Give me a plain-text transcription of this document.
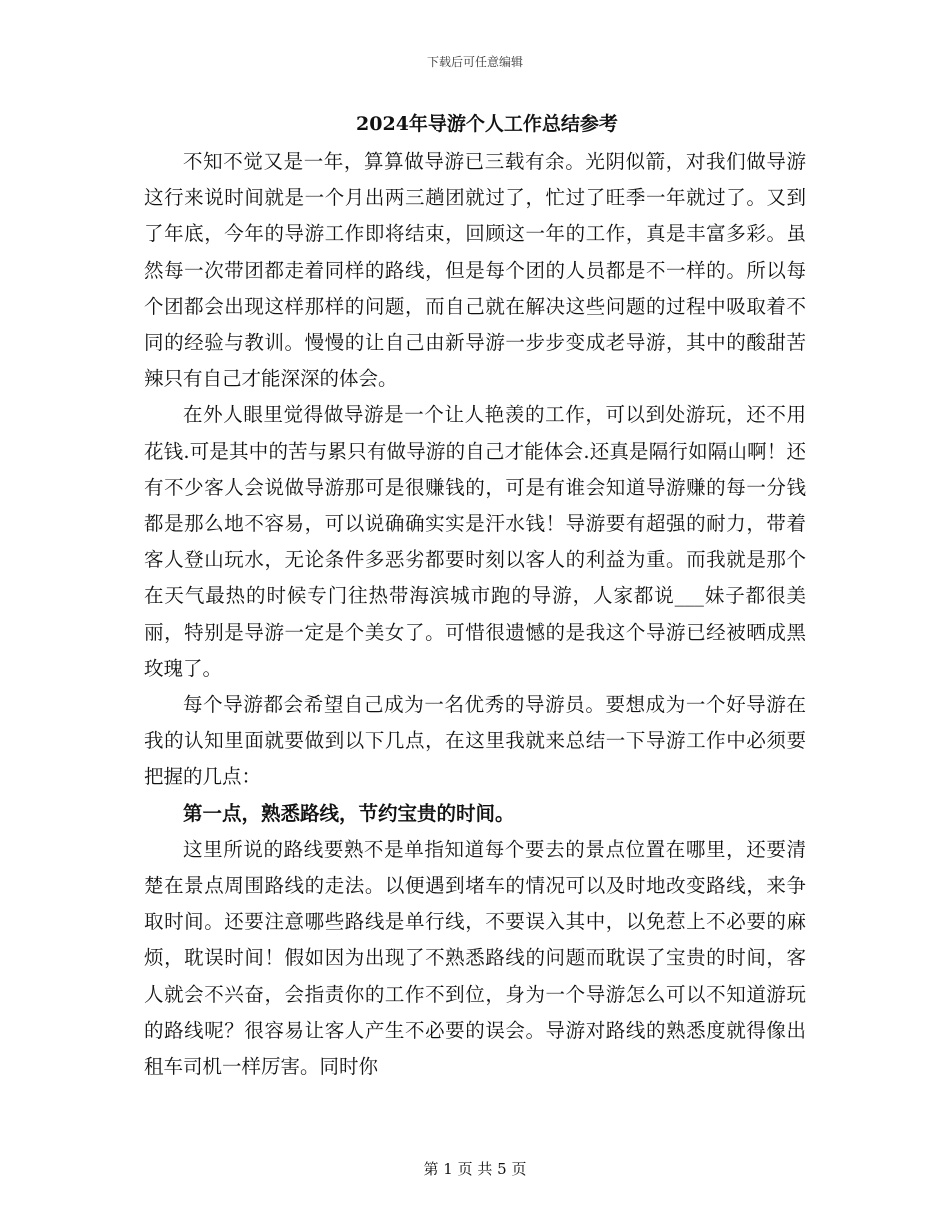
下载后可任意编辑
2024年导游个人工作总结参考

不知不觉又是一年，算算做导游已三载有余。光阴似箭，对我们做导游这行来说时间就是一个月出两三趟团就过了，忙过了旺季一年就过了。又到了年底，今年的导游工作即将结束，回顾这一年的工作，真是丰富多彩。虽然每一次带团都走着同样的路线，但是每个团的人员都是不一样的。所以每个团都会出现这样那样的问题，而自己就在解决这些问题的过程中吸取着不同的经验与教训。慢慢的让自己由新导游一步步变成老导游，其中的酸甜苦辣只有自己才能深深的体会。

在外人眼里觉得做导游是一个让人艳羡的工作，可以到处游玩，还不用花钱.可是其中的苦与累只有做导游的自己才能体会.还真是隔行如隔山啊！还有不少客人会说做导游那可是很赚钱的，可是有谁会知道导游赚的每一分钱都是那么地不容易，可以说确确实实是汗水钱！导游要有超强的耐力，带着客人登山玩水，无论条件多恶劣都要时刻以客人的利益为重。而我就是那个在天气最热的时候专门往热带海滨城市跑的导游，人家都说___妹子都很美丽，特别是导游一定是个美女了。可惜很遗憾的是我这个导游已经被晒成黑玫瑰了。

每个导游都会希望自己成为一名优秀的导游员。要想成为一个好导游在我的认知里面就要做到以下几点，在这里我就来总结一下导游工作中必须要把握的几点：

第一点，熟悉路线，节约宝贵的时间。

这里所说的路线要熟不是单指知道每个要去的景点位置在哪里，还要清楚在景点周围路线的走法。以便遇到堵车的情况可以及时地改变路线，来争取时间。还要注意哪些路线是单行线，不要误入其中，以免惹上不必要的麻烦，耽误时间！假如因为出现了不熟悉路线的问题而耽误了宝贵的时间，客人就会不兴奋，会指责你的工作不到位，身为一个导游怎么可以不知道游玩的路线呢？很容易让客人产生不必要的误会。导游对路线的熟悉度就得像出租车司机一样厉害。同时你

第 1 页 共 5 页
